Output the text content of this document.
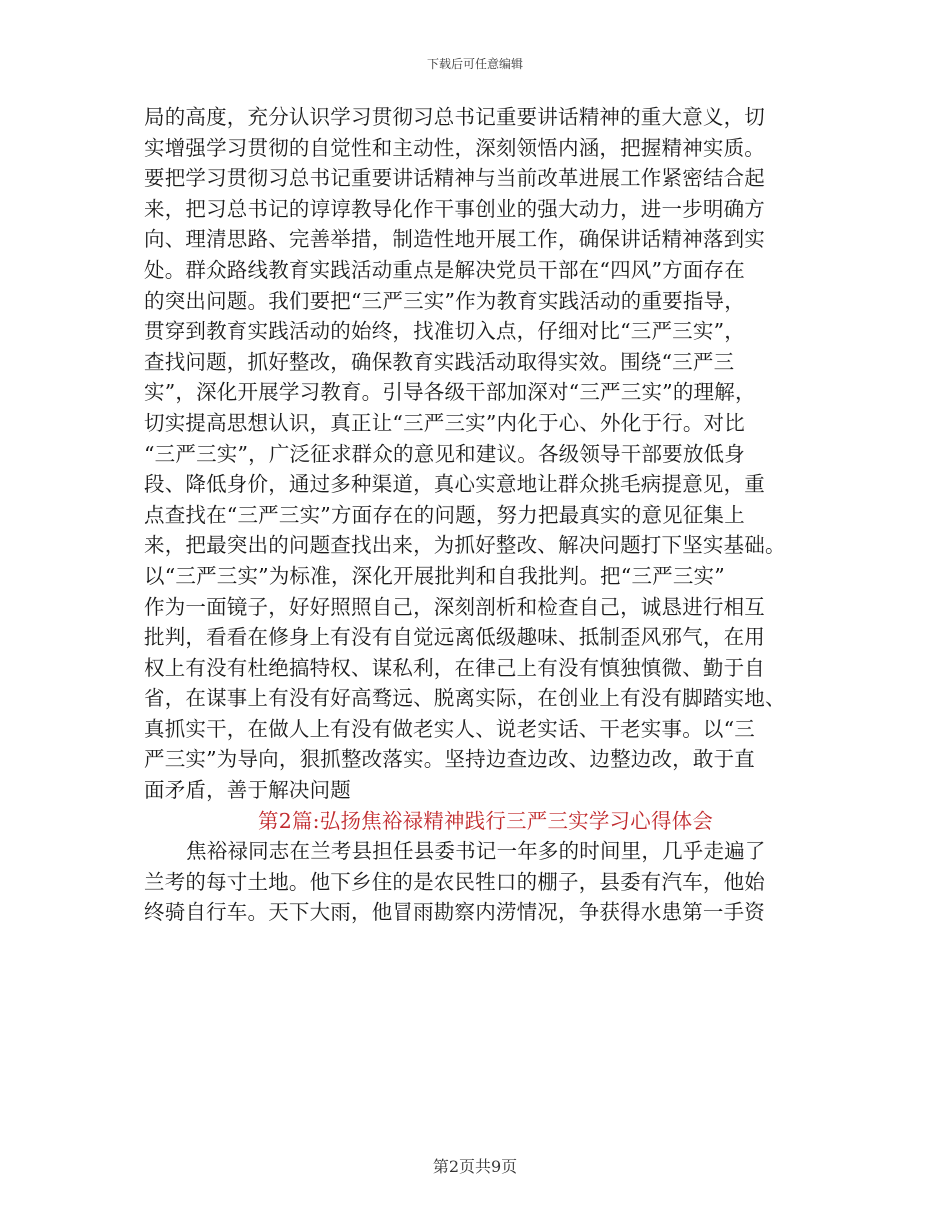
下载后可任意编辑
局的高度，充分认识学习贯彻习总书记重要讲话精神的重大意义，切
实增强学习贯彻的自觉性和主动性，深刻领悟内涵，把握精神实质。
要把学习贯彻习总书记重要讲话精神与当前改革进展工作紧密结合起
来，把习总书记的谆谆教导化作干事创业的强大动力，进一步明确方
向、理清思路、完善举措，制造性地开展工作，确保讲话精神落到实
处。群众路线教育实践活动重点是解决党员干部在“四风”方面存在
的突出问题。我们要把“三严三实”作为教育实践活动的重要指导，
贯穿到教育实践活动的始终，找准切入点，仔细对比“三严三实”，
查找问题，抓好整改，确保教育实践活动取得实效。围绕“三严三
实”，深化开展学习教育。引导各级干部加深对“三严三实”的理解，
切实提高思想认识，真正让“三严三实”内化于心、外化于行。对比
“三严三实”，广泛征求群众的意见和建议。各级领导干部要放低身
段、降低身价，通过多种渠道，真心实意地让群众挑毛病提意见，重
点查找在“三严三实”方面存在的问题，努力把最真实的意见征集上
来，把最突出的问题查找出来，为抓好整改、解决问题打下坚实基础。
以“三严三实”为标准，深化开展批判和自我批判。把“三严三实”
作为一面镜子，好好照照自己，深刻剖析和检查自己，诚恳进行相互
批判，看看在修身上有没有自觉远离低级趣味、抵制歪风邪气，在用
权上有没有杜绝搞特权、谋私利，在律己上有没有慎独慎微、勤于自
省，在谋事上有没有好高骛远、脱离实际，在创业上有没有脚踏实地、
真抓实干，在做人上有没有做老实人、说老实话、干老实事。以“三
严三实”为导向，狠抓整改落实。坚持边查边改、边整边改，敢于直
面矛盾，善于解决问题
第2篇:弘扬焦裕禄精神践行三严三实学习心得体会
焦裕禄同志在兰考县担任县委书记一年多的时间里，几乎走遍了
兰考的每寸土地。他下乡住的是农民牲口的棚子，县委有汽车，他始
终骑自行车。天下大雨，他冒雨勘察内涝情况，争获得水患第一手资
第2页共9页
